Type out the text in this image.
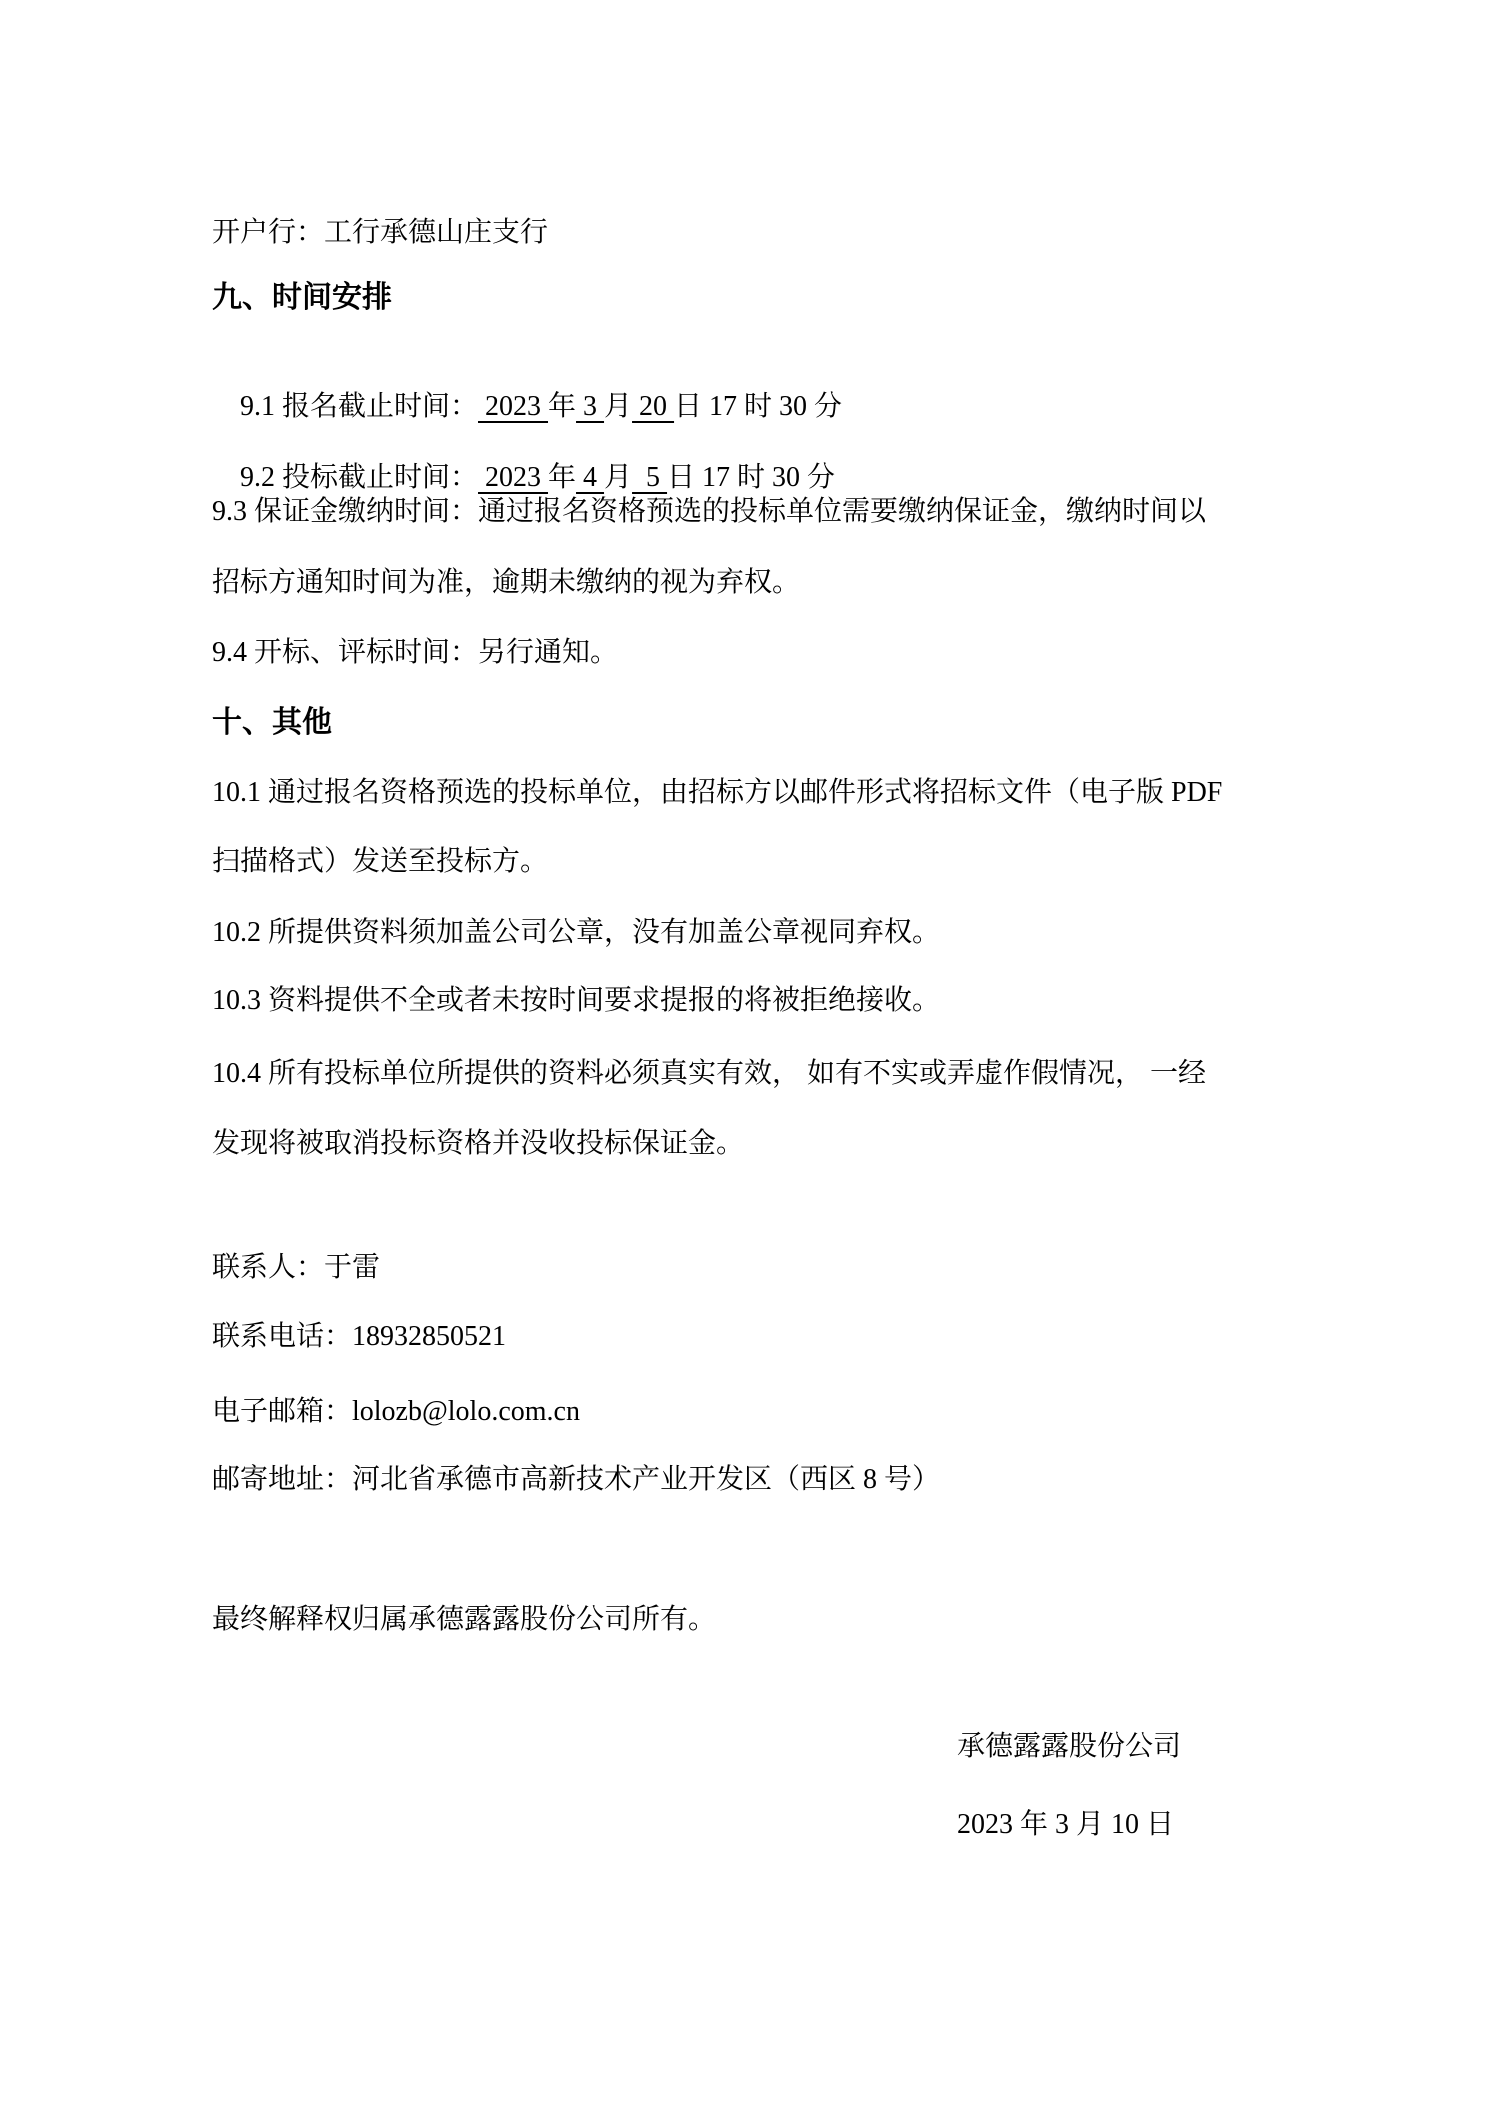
开户行：工行承德山庄支行
九、时间安排

9.1 报名截止时间： 2023 年 3 月 20 日 17 时 30 分

9.2 投标截止时间： 2023 年 4 月  5 日 17 时 30 分

9.3 保证金缴纳时间：通过报名资格预选的投标单位需要缴纳保证金，缴纳时间以
招标方通知时间为准，逾期未缴纳的视为弃权。
9.4 开标、评标时间：另行通知。
十、其他
10.1 通过报名资格预选的投标单位，由招标方以邮件形式将招标文件（电子版 PDF
扫描格式）发送至投标方。
10.2 所提供资料须加盖公司公章，没有加盖公章视同弃权。
10.3 资料提供不全或者未按时间要求提报的将被拒绝接收。
10.4 所有投标单位所提供的资料必须真实有效， 如有不实或弄虚作假情况， 一经
发现将被取消投标资格并没收投标保证金。
联系人：于雷
联系电话：18932850521
电子邮箱：lolozb@lolo.com.cn
邮寄地址：河北省承德市高新技术产业开发区（西区 8 号）
最终解释权归属承德露露股份公司所有。
承德露露股份公司
2023 年 3 月 10 日
